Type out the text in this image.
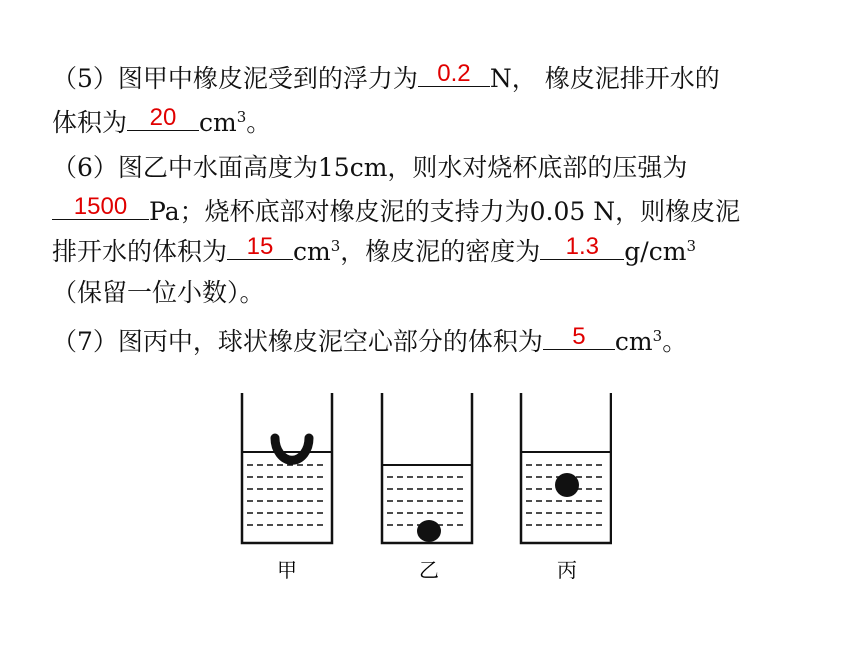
（5）图甲中橡皮泥受到的浮力为 0.2 N， 橡皮泥排开水的
体积为 20 $cm^3$。
（6）图乙中水面高度为15cm，则水对烧杯底部的压强为
1500 Pa；烧杯底部对橡皮泥的支持力为0.05 N，则橡皮泥
排开水的体积为 15 $cm^3$，橡皮泥的密度为	1.3	$g/cm^3$
（保留一位小数）。
（7）图丙中，球状橡皮泥空心部分的体积为	5	$cm^3$。
甲	乙	丙
